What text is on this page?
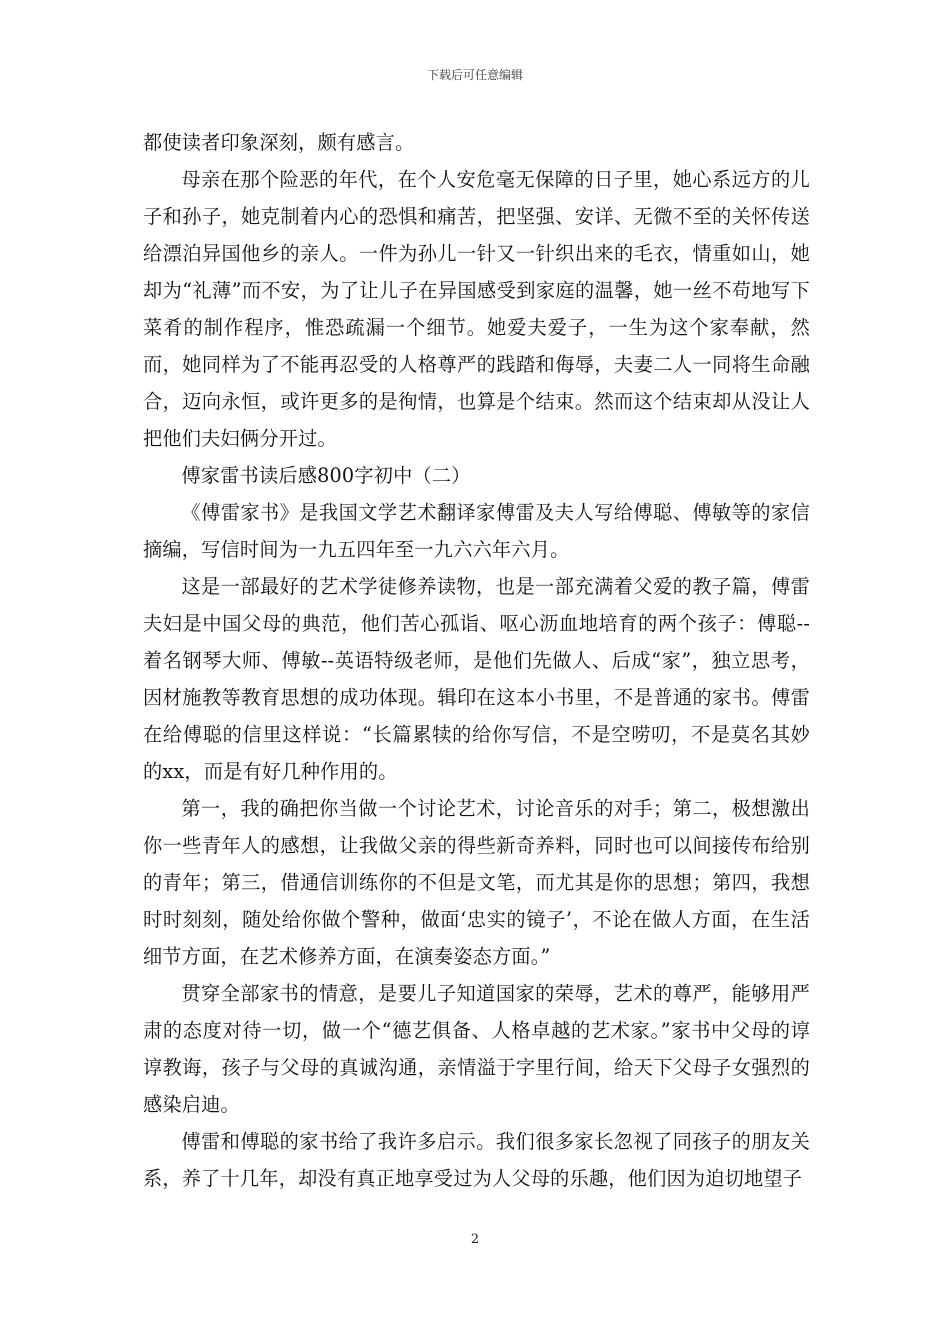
下载后可任意编辑

都使读者印象深刻，颇有感言。

母亲在那个险恶的年代，在个人安危毫无保障的日子里，她心系远方的儿子和孙子，她克制着内心的恐惧和痛苦，把坚强、安详、无微不至的关怀传送给漂泊异国他乡的亲人。一件为孙儿一针又一针织出来的毛衣，情重如山，她却为“礼薄”而不安，为了让儿子在异国感受到家庭的温馨，她一丝不苟地写下菜肴的制作程序，惟恐疏漏一个细节。她爱夫爱子，一生为这个家奉献，然而，她同样为了不能再忍受的人格尊严的践踏和侮辱，夫妻二人一同将生命融合，迈向永恒，或许更多的是徇情，也算是个结束。然而这个结束却从没让人把他们夫妇俩分开过。

傅家雷书读后感800字初中（二）

《傅雷家书》是我国文学艺术翻译家傅雷及夫人写给傅聪、傅敏等的家信摘编，写信时间为一九五四年至一九六六年六月。

这是一部最好的艺术学徒修养读物，也是一部充满着父爱的教子篇，傅雷夫妇是中国父母的典范，他们苦心孤诣、呕心沥血地培育的两个孩子：傅聪--着名钢琴大师、傅敏--英语特级老师，是他们先做人、后成“家”，独立思考，因材施教等教育思想的成功体现。辑印在这本小书里，不是普通的家书。傅雷在给傅聪的信里这样说：“长篇累犊的给你写信，不是空唠叨，不是莫名其妙的xx，而是有好几种作用的。

第一，我的确把你当做一个讨论艺术，讨论音乐的对手；第二，极想激出你一些青年人的感想，让我做父亲的得些新奇养料，同时也可以间接传布给别的青年；第三，借通信训练你的不但是文笔，而尤其是你的思想；第四，我想时时刻刻，随处给你做个警种，做面‘忠实的镜子’，不论在做人方面，在生活细节方面，在艺术修养方面，在演奏姿态方面。”

贯穿全部家书的情意，是要儿子知道国家的荣辱，艺术的尊严，能够用严肃的态度对待一切，做一个“德艺俱备、人格卓越的艺术家。”家书中父母的谆谆教诲，孩子与父母的真诚沟通，亲情溢于字里行间，给天下父母子女强烈的感染启迪。

傅雷和傅聪的家书给了我许多启示。我们很多家长忽视了同孩子的朋友关系，养了十几年，却没有真正地享受过为人父母的乐趣，他们因为迫切地望子

2
